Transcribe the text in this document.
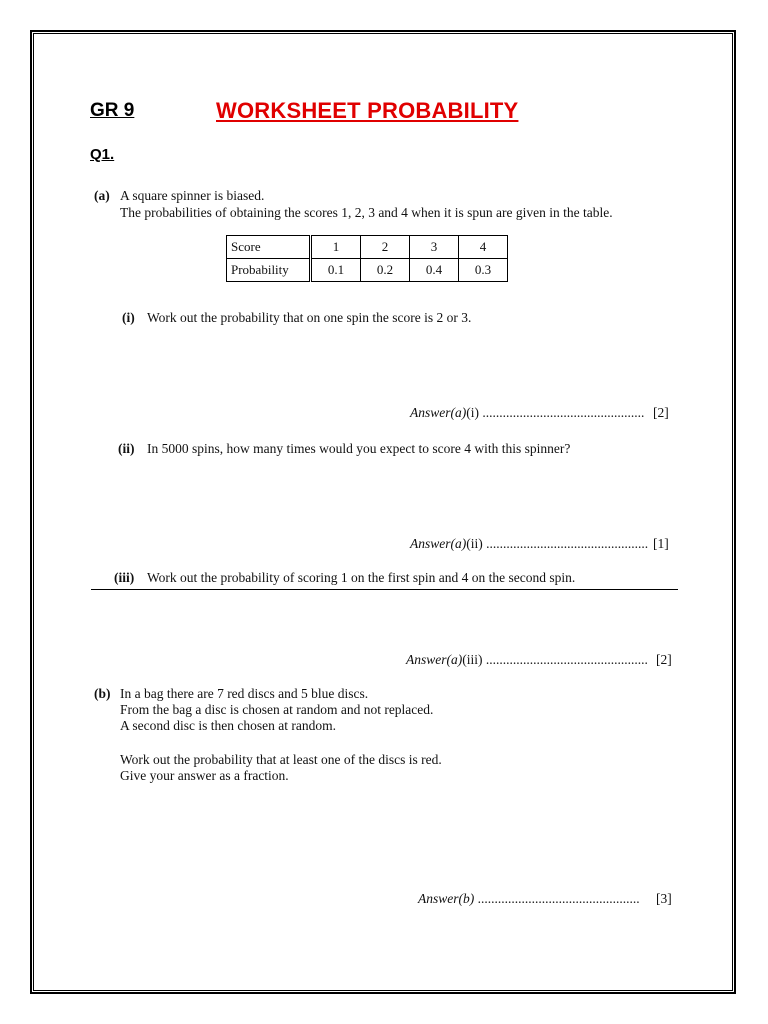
GR 9	WORKSHEET PROBABILITY
Q1.
(a) A square spinner is biased.
The probabilities of obtaining the scores 1, 2, 3 and 4 when it is spun are given in the table.
Score	1	2	3	4
Probability	0.1	0.2	0.4	0.3
(i) Work out the probability that on one spin the score is 2 or 3.
Answer(a)(i) ................................................ [2]
(ii) In 5000 spins, how many times would you expect to score 4 with this spinner?
Answer(a)(ii) ................................................ [1]
(iii) Work out the probability of scoring 1 on the first spin and 4 on the second spin.
Answer(a)(iii) ................................................ [2]
(b) In a bag there are 7 red discs and 5 blue discs.
From the bag a disc is chosen at random and not replaced.
A second disc is then chosen at random.
Work out the probability that at least one of the discs is red.
Give your answer as a fraction.
Answer(b) ................................................ [3]
